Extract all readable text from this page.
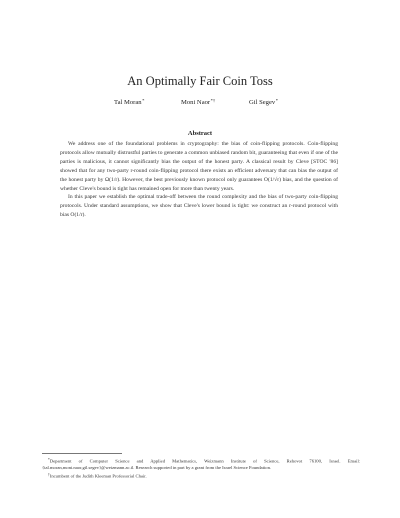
An Optimally Fair Coin Toss
Tal Moran*	Moni Naor*†	Gil Segev*
Abstract

We address one of the foundational problems in cryptography: the bias of coin-flipping protocols. Coin-flipping protocols allow mutually distrustful parties to generate a common unbiased random bit, guaranteeing that even if one of the parties is malicious, it cannot significantly bias the output of the honest party. A classical result by Cleve [STOC '86] showed that for any two-party r-round coin-flipping protocol there exists an efficient adversary that can bias the output of the honest party by Ω(1/r). However, the best previously known protocol only guarantees O(1/√r) bias, and the question of whether Cleve's bound is tight has remained open for more than twenty years.

In this paper we establish the optimal trade-off between the round complexity and the bias of two-party coin-flipping protocols. Under standard assumptions, we show that Cleve's lower bound is tight: we construct an r-round protocol with bias O(1/r).

*Department of Computer Science and Applied Mathematics, Weizmann Institute of Science, Rehovot 76100, Israel. Email: {tal.moran,moni.naor,gil.segev}@weizmann.ac.il. Research supported in part by a grant from the Israel Science Foundation.

†Incumbent of the Judith Kleeman Professorial Chair.
